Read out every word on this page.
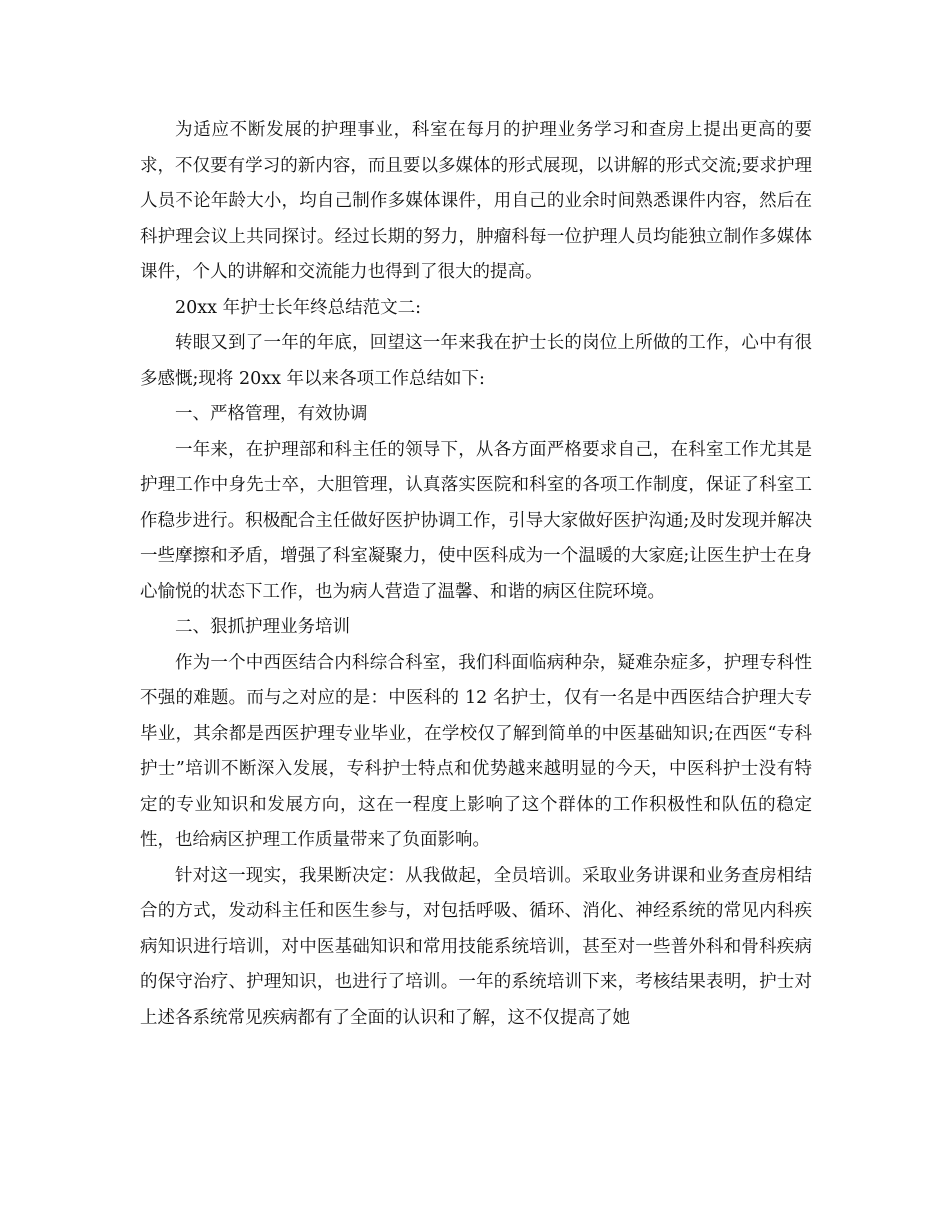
为适应不断发展的护理事业，科室在每月的护理业务学习和查房上提出更高的要求，不仅要有学习的新内容，而且要以多媒体的形式展现，以讲解的形式交流;要求护理人员不论年龄大小，均自己制作多媒体课件，用自己的业余时间熟悉课件内容，然后在科护理会议上共同探讨。经过长期的努力，肿瘤科每一位护理人员均能独立制作多媒体课件，个人的讲解和交流能力也得到了很大的提高。

20xx 年护士长年终总结范文二:

转眼又到了一年的年底，回望这一年来我在护士长的岗位上所做的工作，心中有很多感慨;现将 20xx 年以来各项工作总结如下:

一、严格管理，有效协调

一年来，在护理部和科主任的领导下，从各方面严格要求自己，在科室工作尤其是护理工作中身先士卒，大胆管理，认真落实医院和科室的各项工作制度，保证了科室工作稳步进行。积极配合主任做好医护协调工作，引导大家做好医护沟通;及时发现并解决一些摩擦和矛盾，增强了科室凝聚力，使中医科成为一个温暖的大家庭;让医生护士在身心愉悦的状态下工作，也为病人营造了温馨、和谐的病区住院环境。

二、狠抓护理业务培训

作为一个中西医结合内科综合科室，我们科面临病种杂，疑难杂症多，护理专科性不强的难题。而与之对应的是：中医科的 12 名护士，仅有一名是中西医结合护理大专毕业，其余都是西医护理专业毕业，在学校仅了解到简单的中医基础知识;在西医“专科护士”培训不断深入发展，专科护士特点和优势越来越明显的今天，中医科护士没有特定的专业知识和发展方向，这在一程度上影响了这个群体的工作积极性和队伍的稳定性，也给病区护理工作质量带来了负面影响。

针对这一现实，我果断决定：从我做起，全员培训。采取业务讲课和业务查房相结合的方式，发动科主任和医生参与，对包括呼吸、循环、消化、神经系统的常见内科疾病知识进行培训，对中医基础知识和常用技能系统培训，甚至对一些普外科和骨科疾病的保守治疗、护理知识，也进行了培训。一年的系统培训下来，考核结果表明，护士对上述各系统常见疾病都有了全面的认识和了解，这不仅提高了她
